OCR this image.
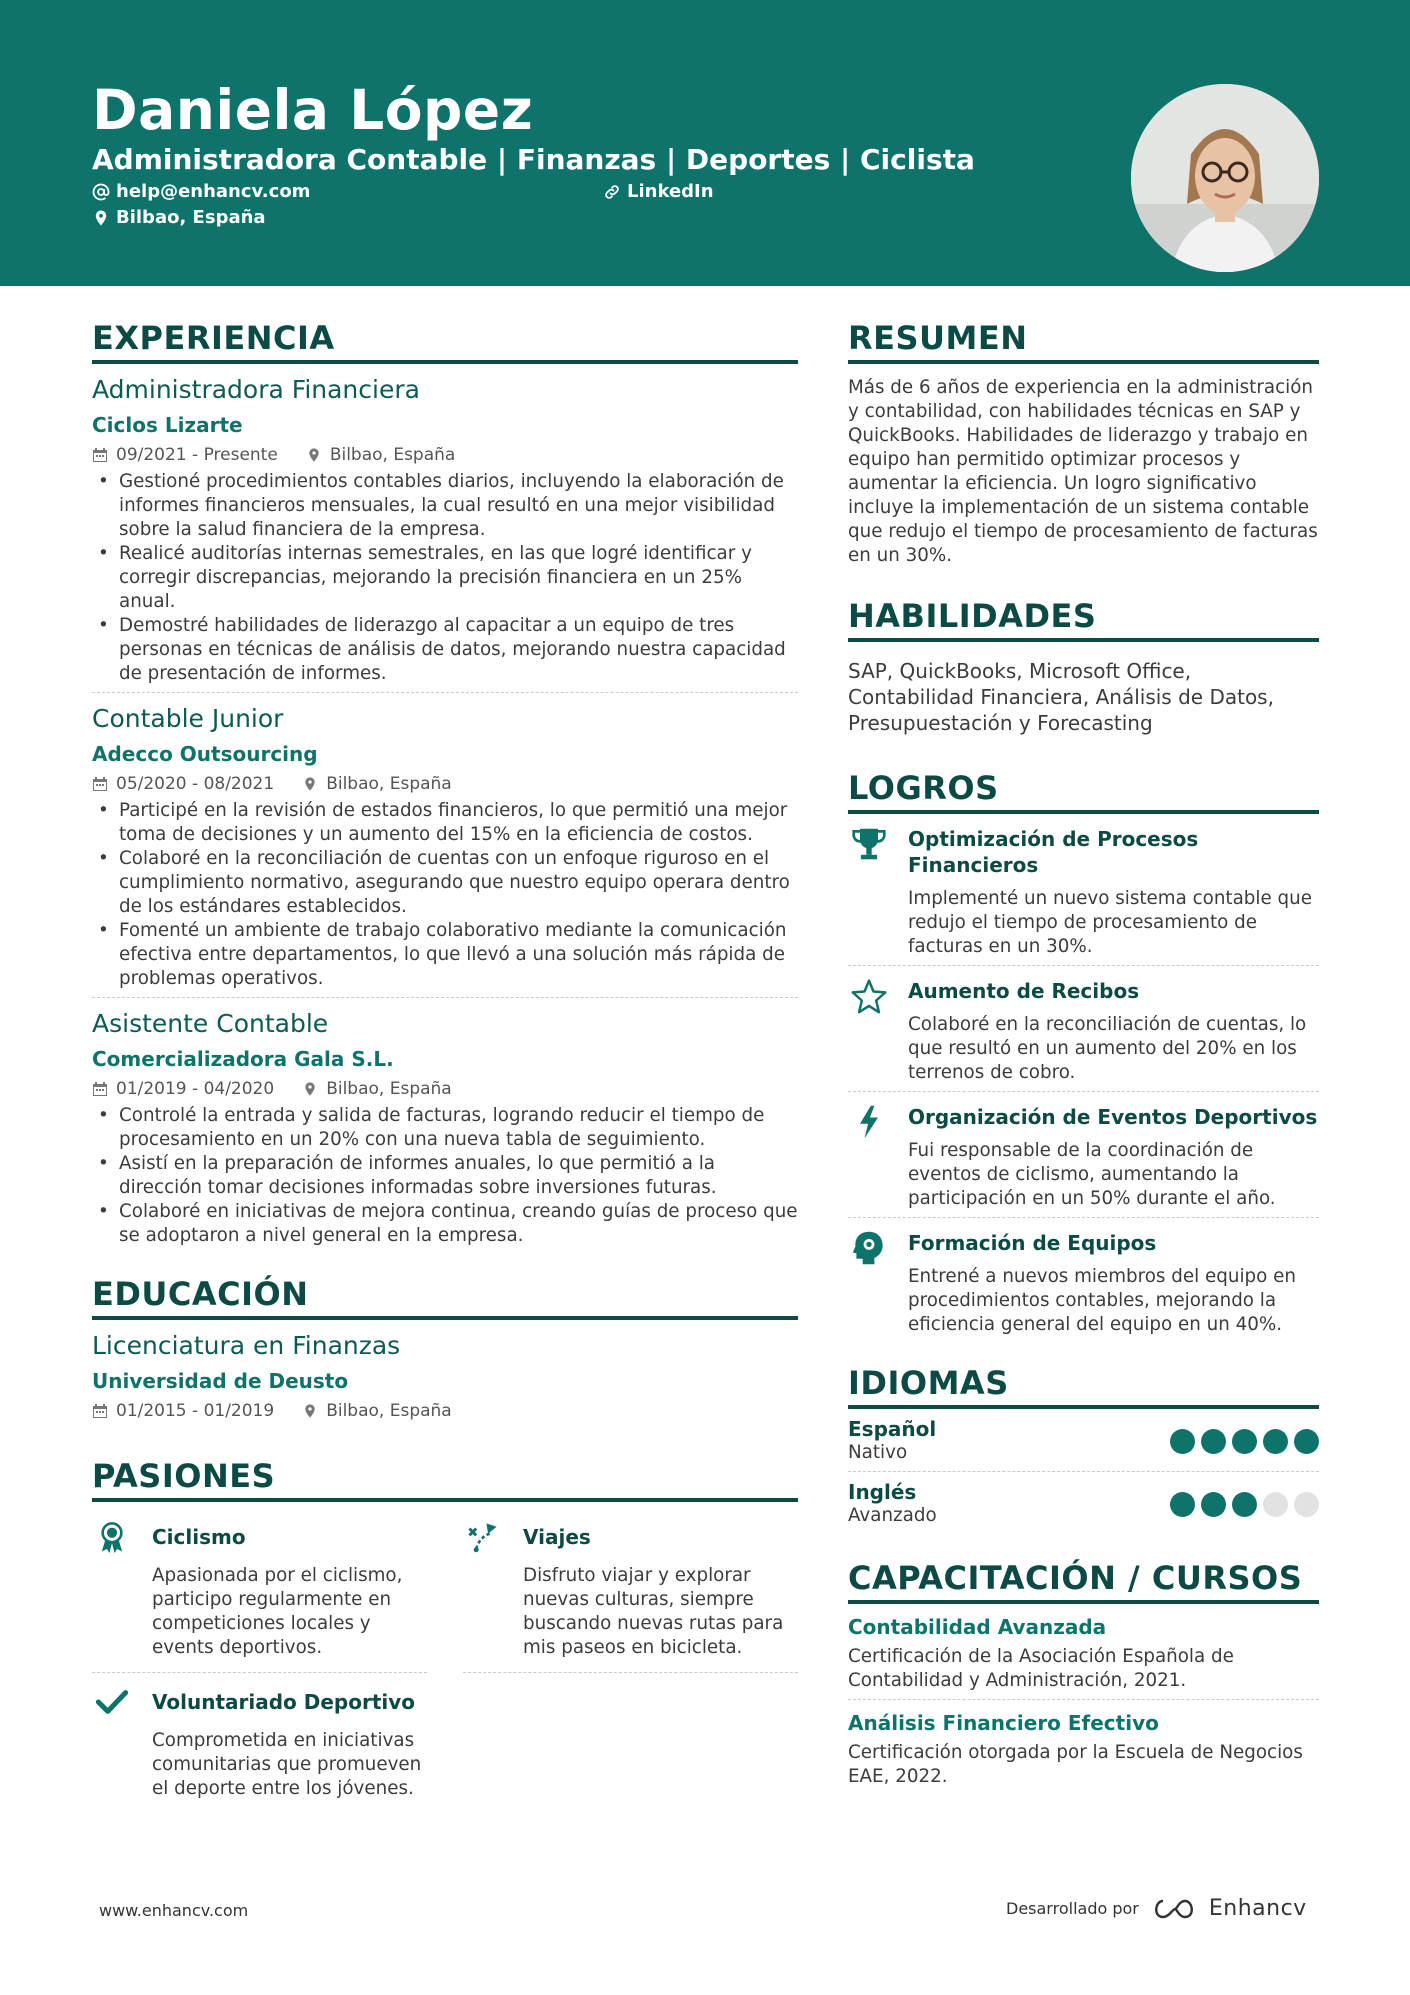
Daniela López
Administradora Contable | Finanzas | Deportes | Ciclista
help@enhancv.com	LinkedIn
Bilbao, España
EXPERIENCIA
Administradora Financiera
Ciclos Lizarte
09/2021 - Presente	Bilbao, España
• Gestioné procedimientos contables diarios, incluyendo la elaboración de informes financieros mensuales, la cual resultó en una mejor visibilidad sobre la salud financiera de la empresa.
• Realicé auditorías internas semestrales, en las que logré identificar y corregir discrepancias, mejorando la precisión financiera en un 25% anual.
• Demostré habilidades de liderazgo al capacitar a un equipo de tres personas en técnicas de análisis de datos, mejorando nuestra capacidad de presentación de informes.
Contable Junior
Adecco Outsourcing
05/2020 - 08/2021	Bilbao, España
• Participé en la revisión de estados financieros, lo que permitió una mejor toma de decisiones y un aumento del 15% en la eficiencia de costos.
• Colaboré en la reconciliación de cuentas con un enfoque riguroso en el cumplimiento normativo, asegurando que nuestro equipo operara dentro de los estándares establecidos.
• Fomenté un ambiente de trabajo colaborativo mediante la comunicación efectiva entre departamentos, lo que llevó a una solución más rápida de problemas operativos.
Asistente Contable
Comercializadora Gala S.L.
01/2019 - 04/2020	Bilbao, España
• Controlé la entrada y salida de facturas, logrando reducir el tiempo de procesamiento en un 20% con una nueva tabla de seguimiento.
• Asistí en la preparación de informes anuales, lo que permitió a la dirección tomar decisiones informadas sobre inversiones futuras.
• Colaboré en iniciativas de mejora continua, creando guías de proceso que se adoptaron a nivel general en la empresa.
EDUCACIÓN
Licenciatura en Finanzas
Universidad de Deusto
01/2015 - 01/2019	Bilbao, España
PASIONES
Ciclismo
Apasionada por el ciclismo, participo regularmente en competiciones locales y events deportivos.
Viajes
Disfruto viajar y explorar nuevas culturas, siempre buscando nuevas rutas para mis paseos en bicicleta.
Voluntariado Deportivo
Comprometida en iniciativas comunitarias que promueven el deporte entre los jóvenes.
RESUMEN
Más de 6 años de experiencia en la administración y contabilidad, con habilidades técnicas en SAP y QuickBooks. Habilidades de liderazgo y trabajo en equipo han permitido optimizar procesos y aumentar la eficiencia. Un logro significativo incluye la implementación de un sistema contable que redujo el tiempo de procesamiento de facturas en un 30%.
HABILIDADES
SAP, QuickBooks, Microsoft Office, Contabilidad Financiera, Análisis de Datos, Presupuestación y Forecasting
LOGROS
Optimización de Procesos Financieros
Implementé un nuevo sistema contable que redujo el tiempo de procesamiento de facturas en un 30%.
Aumento de Recibos
Colaboré en la reconciliación de cuentas, lo que resultó en un aumento del 20% en los terrenos de cobro.
Organización de Eventos Deportivos
Fui responsable de la coordinación de eventos de ciclismo, aumentando la participación en un 50% durante el año.
Formación de Equipos
Entrené a nuevos miembros del equipo en procedimientos contables, mejorando la eficiencia general del equipo en un 40%.
IDIOMAS
Español
Nativo
Inglés
Avanzado
CAPACITACIÓN / CURSOS
Contabilidad Avanzada
Certificación de la Asociación Española de Contabilidad y Administración, 2021.
Análisis Financiero Efectivo
Certificación otorgada por la Escuela de Negocios EAE, 2022.
www.enhancv.com	Desarrollado por	Enhancv
